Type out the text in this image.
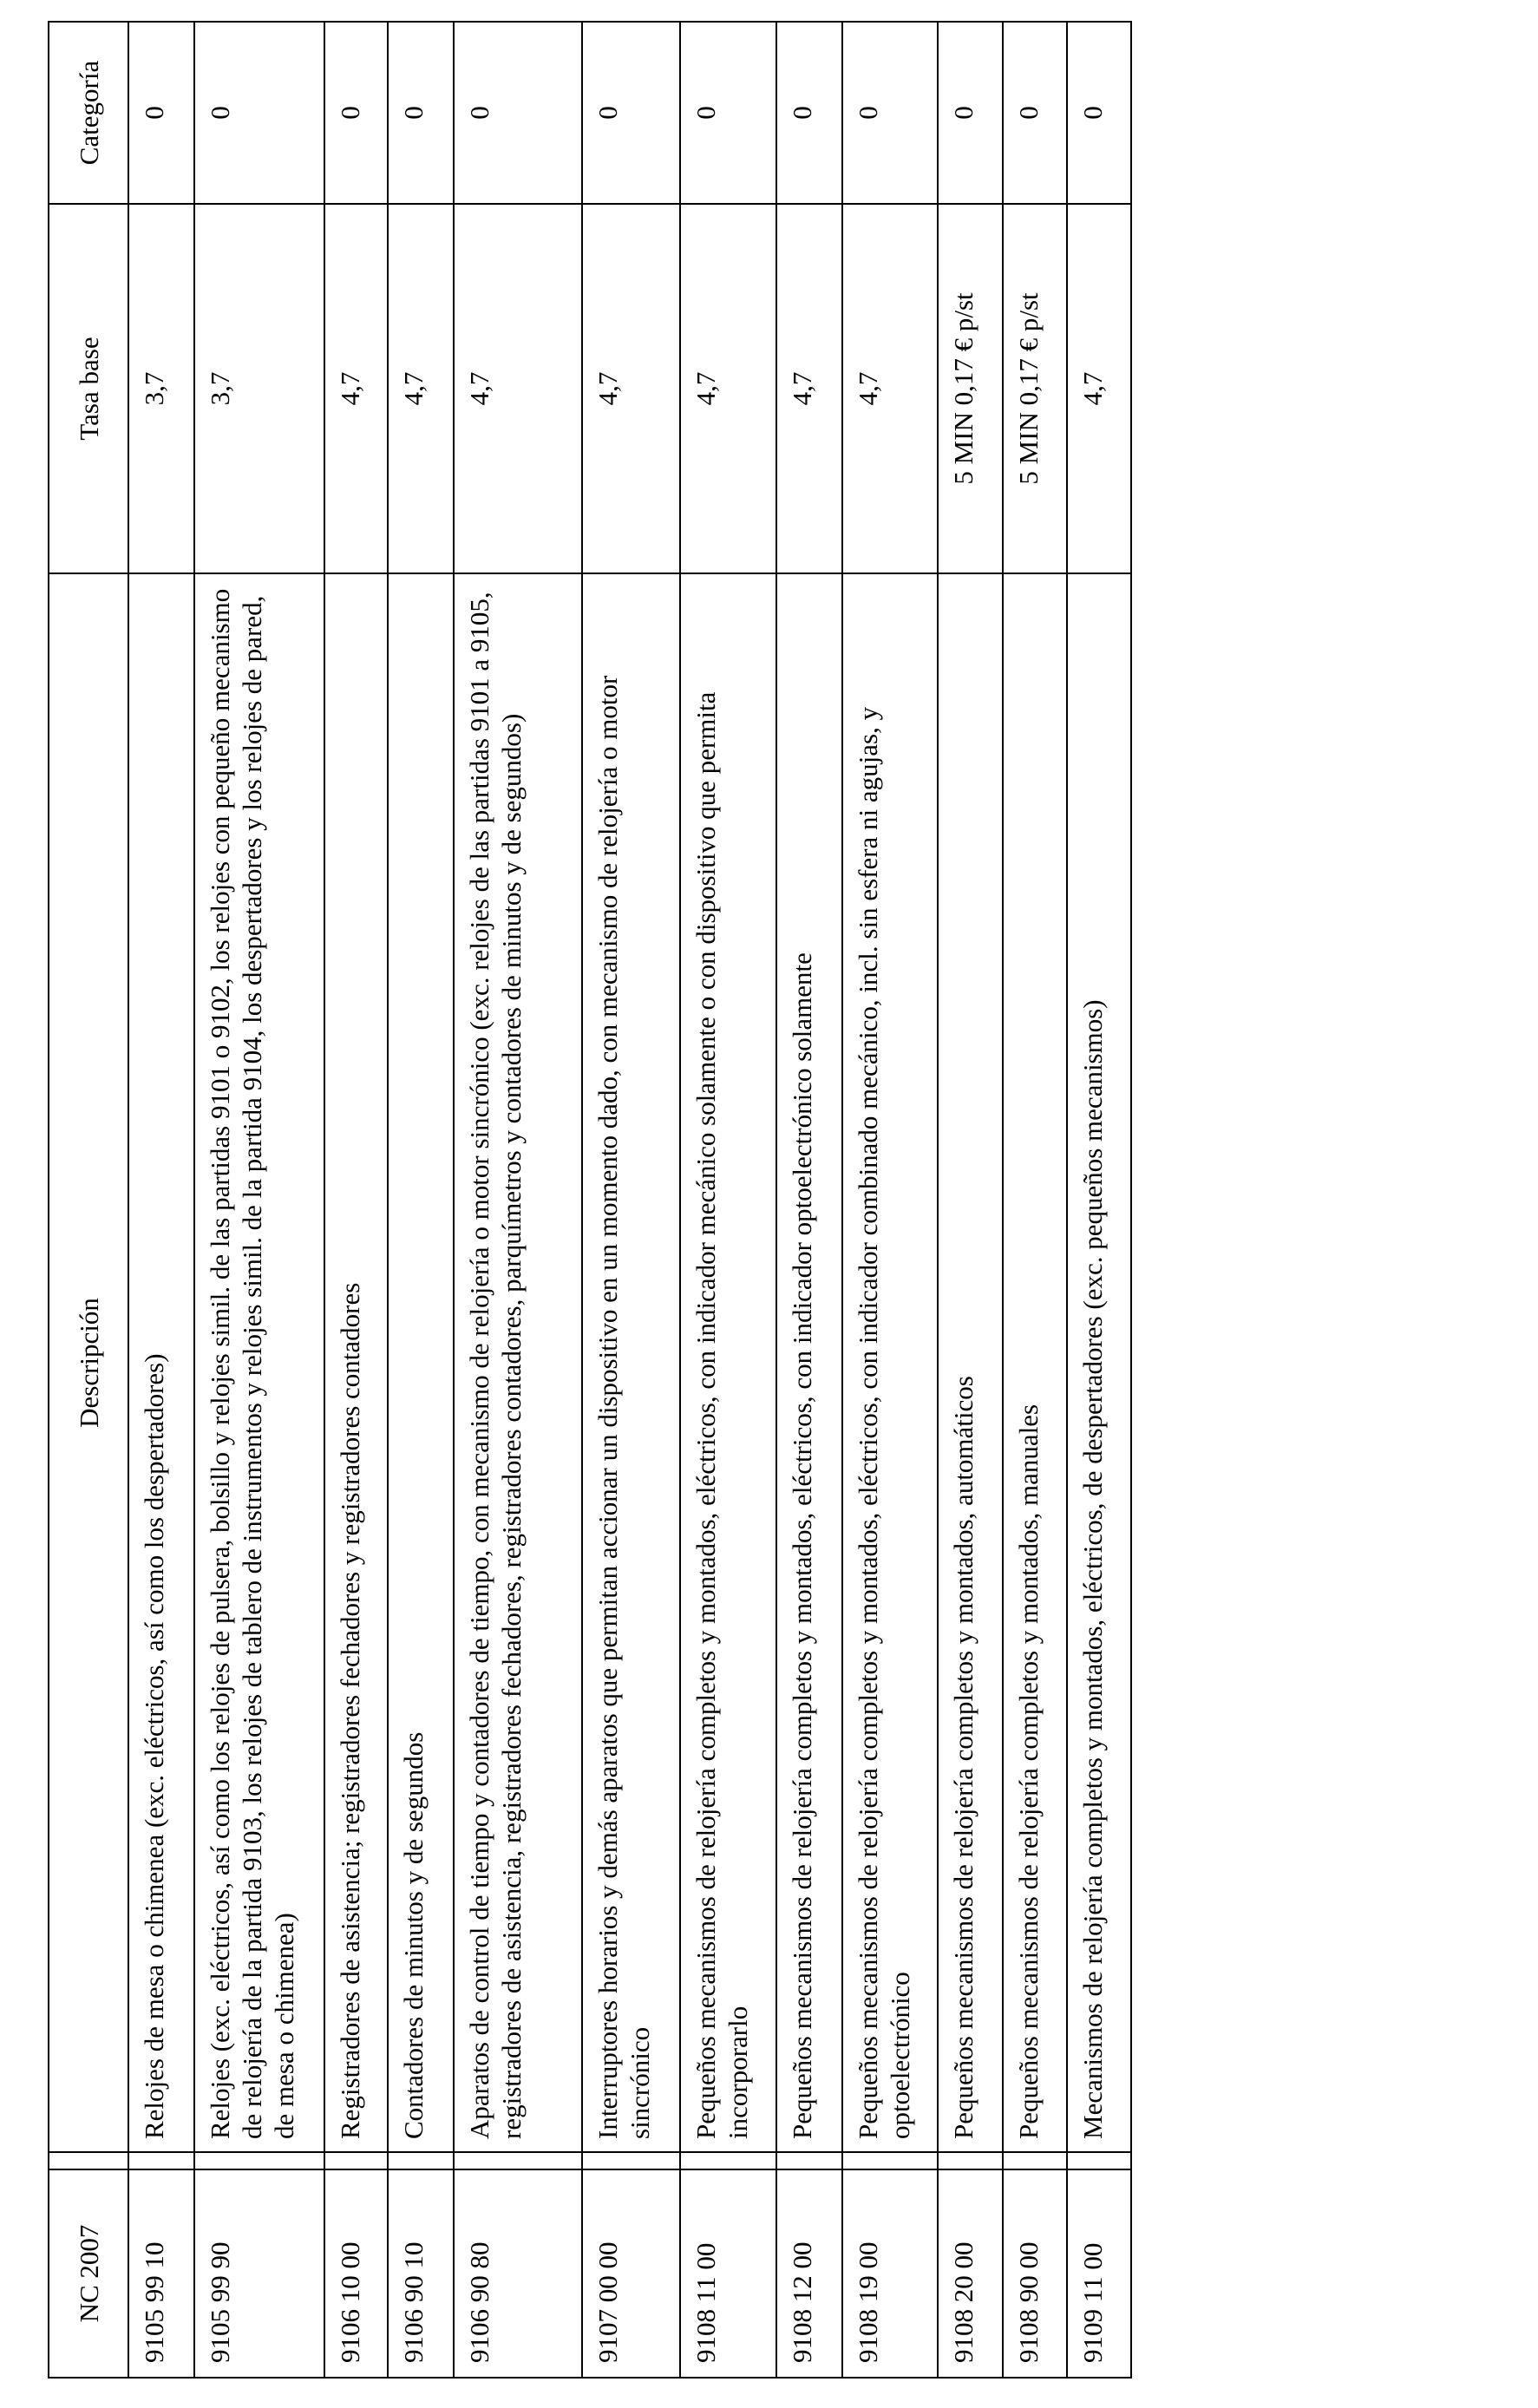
NC 2007		Descripción	Tasa base	Categoría
9105 99 10		Relojes de mesa o chimenea (exc. eléctricos, así como los despertadores)	3,7	0
9105 99 90		Relojes (exc. eléctricos, así como los relojes de pulsera, bolsillo y relojes simil. de las partidas 9101 o 9102, los relojes con pequeño mecanismo de relojería de la partida 9103, los relojes de tablero de instrumentos y relojes simil. de la partida 9104, los despertadores y los relojes de pared, de mesa o chimenea)	3,7	0
9106 10 00		Registradores de asistencia; registradores fechadores y registradores contadores	4,7	0
9106 90 10		Contadores de minutos y de segundos	4,7	0
9106 90 80		Aparatos de control de tiempo y contadores de tiempo, con mecanismo de relojería o motor sincrónico (exc. relojes de las partidas 9101 a 9105, registradores de asistencia, registradores fechadores, registradores contadores, parquímetros y contadores de minutos y de segundos)	4,7	0
9107 00 00		Interruptores horarios y demás aparatos que permitan accionar un dispositivo en un momento dado, con mecanismo de relojería o motor sincrónico	4,7	0
9108 11 00		Pequeños mecanismos de relojería completos y montados, eléctricos, con indicador mecánico solamente o con dispositivo que permita incorporarlo	4,7	0
9108 12 00		Pequeños mecanismos de relojería completos y montados, eléctricos, con indicador optoelectrónico solamente	4,7	0
9108 19 00		Pequeños mecanismos de relojería completos y montados, eléctricos, con indicador combinado mecánico, incl. sin esfera ni agujas, y optoelectrónico	4,7	0
9108 20 00		Pequeños mecanismos de relojería completos y montados, automáticos	5 MIN 0,17 € p/st	0
9108 90 00		Pequeños mecanismos de relojería completos y montados, manuales	5 MIN 0,17 € p/st	0
9109 11 00		Mecanismos de relojería completos y montados, eléctricos, de despertadores (exc. pequeños mecanismos)	4,7	0
